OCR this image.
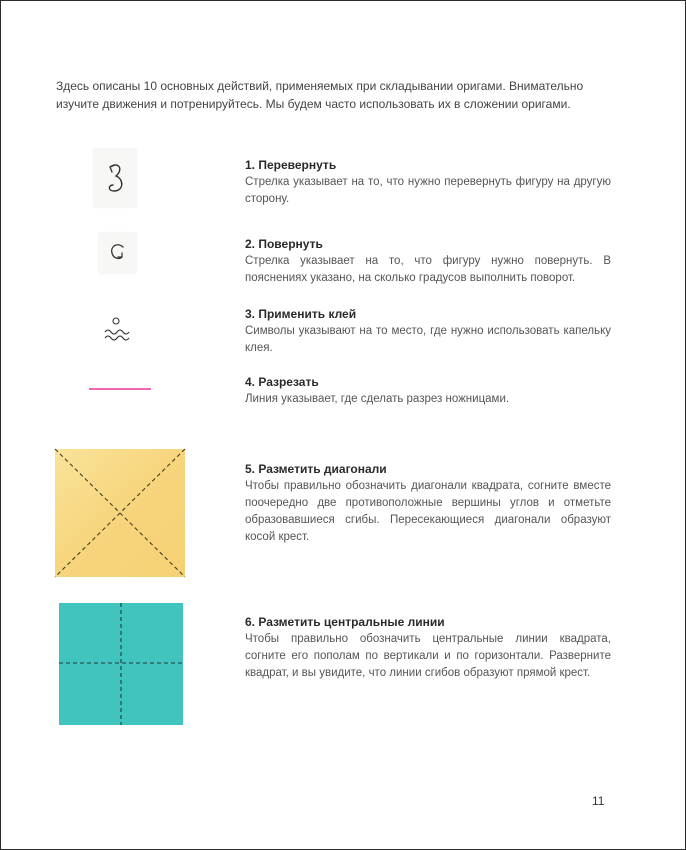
Здесь описаны 10 основных действий, применяемых при складывании оригами. Внимательно изучите движения и потренируйтесь. Мы будем часто использовать их в сложении оригами.

1. Перевернуть

Стрелка указывает на то, что нужно перевернуть фигуру на другую сторону.

2. Повернуть

Стрелка указывает на то, что фигуру нужно повернуть. В пояснениях указано, на сколько градусов выполнить поворот.

3. Применить клей

Символы указывают на то место, где нужно использовать капельку клея.

4. Разрезать

Линия указывает, где сделать разрез ножницами.

5. Разметить диагонали

Чтобы правильно обозначить диагонали квадрата, согните вместе поочередно две противоположные вершины углов и отметьте образовавшиеся сгибы. Пересекающиеся диагонали образуют косой крест.

6. Разметить центральные линии

Чтобы правильно обозначить центральные линии квадрата, согните его пополам по вертикали и по горизонтали. Разверните квадрат, и вы увидите, что линии сгибов образуют прямой крест.

11
